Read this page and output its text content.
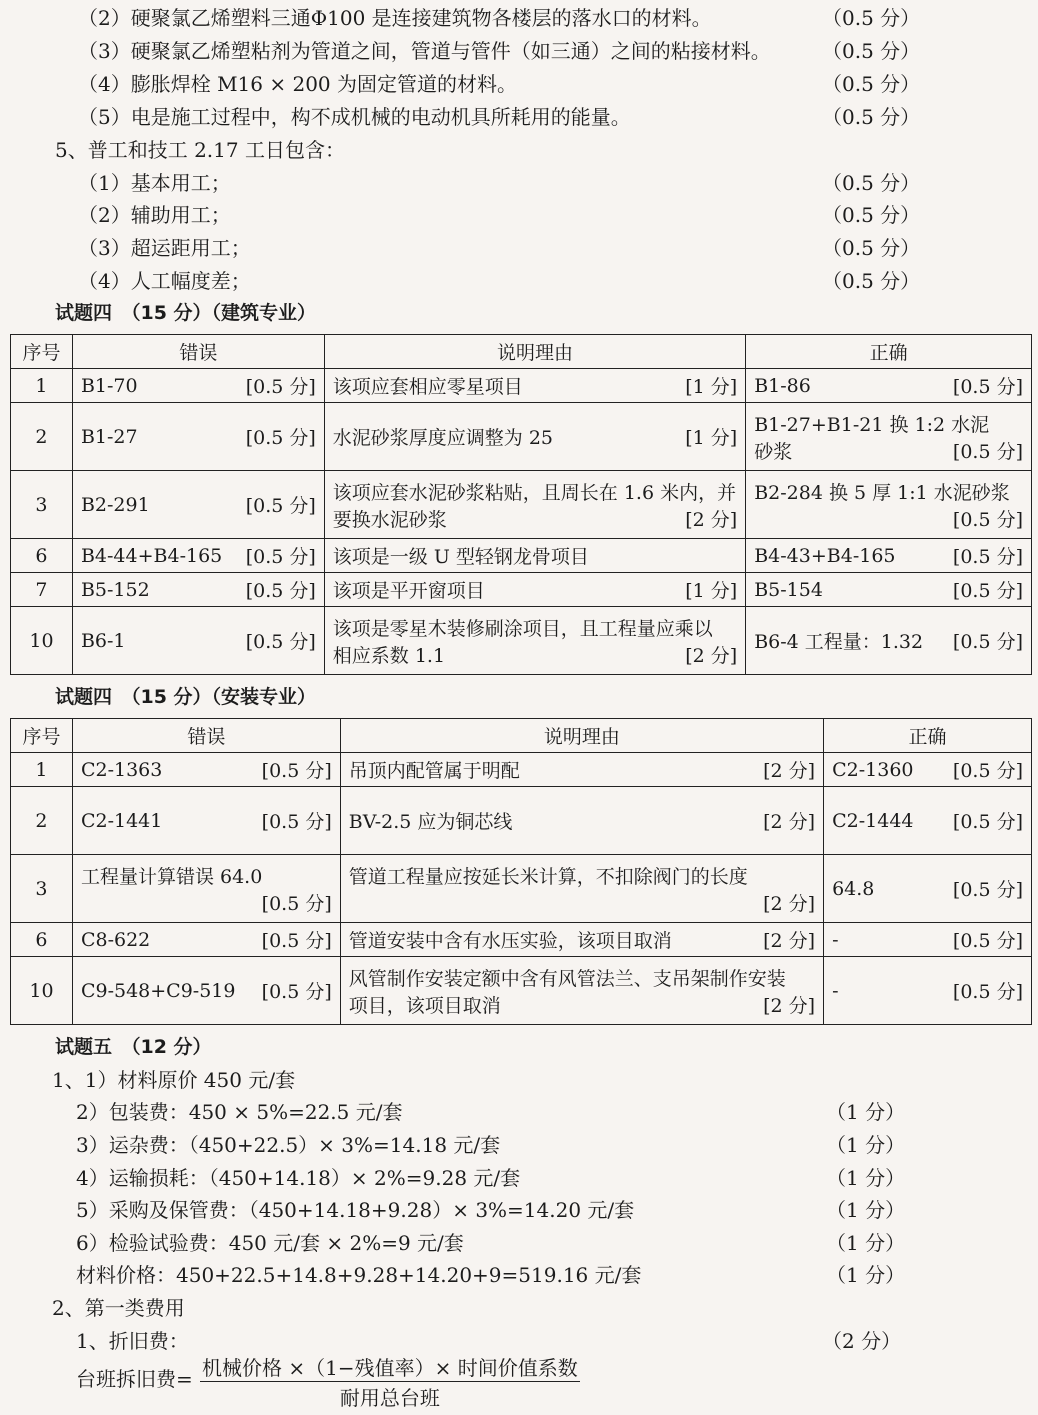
（2）硬聚氯乙烯塑料三通Φ100 是连接建筑物各楼层的落水口的材料。	（0.5 分）
（3）硬聚氯乙烯塑粘剂为管道之间，管道与管件（如三通）之间的粘接材料。	（0.5 分）
（4）膨胀焊栓 M16 × 200 为固定管道的材料。	（0.5 分）
（5）电是施工过程中，构不成机械的电动机具所耗用的能量。	（0.5 分）
5、普工和技工 2.17 工日包含：
（1）基本用工；	（0.5 分）
（2）辅助用工；	（0.5 分）
（3）超运距用工；	（0.5 分）
（4）人工幅度差；	（0.5 分）
试题四　（15 分）（建筑专业）
序号	错误	说明理由	正确
1	B1-70 [0.5 分]	该项应套相应零星项目 [1 分]	B1-86 [0.5 分]

2	B1-27 [0.5 分]	水泥砂浆厚度应调整为 25 [1 分]	B1-27+B1-21 换 1:2 水泥
砂浆 [0.5 分]

3	B2-291 [0.5 分]	该项应套水泥砂浆粘贴，且周长在 1.6 米内，并
要换水泥砂浆 [2 分]	B2-284 换 5 厚 1:1 水泥砂浆
[0.5 分]

6	B4-44+B4-165 [0.5 分]	该项是一级 U 型轻钢龙骨项目	B4-43+B4-165 [0.5 分]

7	B5-152 [0.5 分]	该项是平开窗项目 [1 分]	B5-154 [0.5 分]

10	B6-1 [0.5 分]	该项是零星木装修刷涂项目，且工程量应乘以
相应系数 1.1 [2 分]	B6-4 工程量：1.32 [0.5 分]
试题四　（15 分）（安装专业）
序号	错误	说明理由	正确
1	C2-1363 [0.5 分]	吊顶内配管属于明配 [2 分]	C2-1360 [0.5 分]

2	C2-1441 [0.5 分]	BV-2.5 应为铜芯线 [2 分]	C2-1444 [0.5 分]

3	工程量计算错误 64.0
[0.5 分]	管道工程量应按延长米计算，不扣除阀门的长度
[2 分]	64.8 [0.5 分]

6	C8-622 [0.5 分]	管道安装中含有水压实验，该项目取消 [2 分]	- [0.5 分]

10	C9-548+C9-519 [0.5 分]	风管制作安装定额中含有风管法兰、支吊架制作安装
项目，该项目取消 [2 分]	- [0.5 分]
试题五　（12 分）
1、1）材料原价 450 元/套
2）包装费：450 × 5%=22.5 元/套	（1 分）
3）运杂费：（450+22.5）× 3%=14.18 元/套	（1 分）
4）运输损耗：（450+14.18）× 2%=9.28 元/套	（1 分）
5）采购及保管费：（450+14.18+9.28）× 3%=14.20 元/套	（1 分）
6）检验试验费：450 元/套 × 2%=9 元/套	（1 分）
材料价格：450+22.5+14.8+9.28+14.20+9=519.16 元/套	（1 分）
2、第一类费用
1、折旧费：	（2 分）
台班拆旧费= 机械价格 ×（1−残值率）× 时间价值系数
耐用总台班
